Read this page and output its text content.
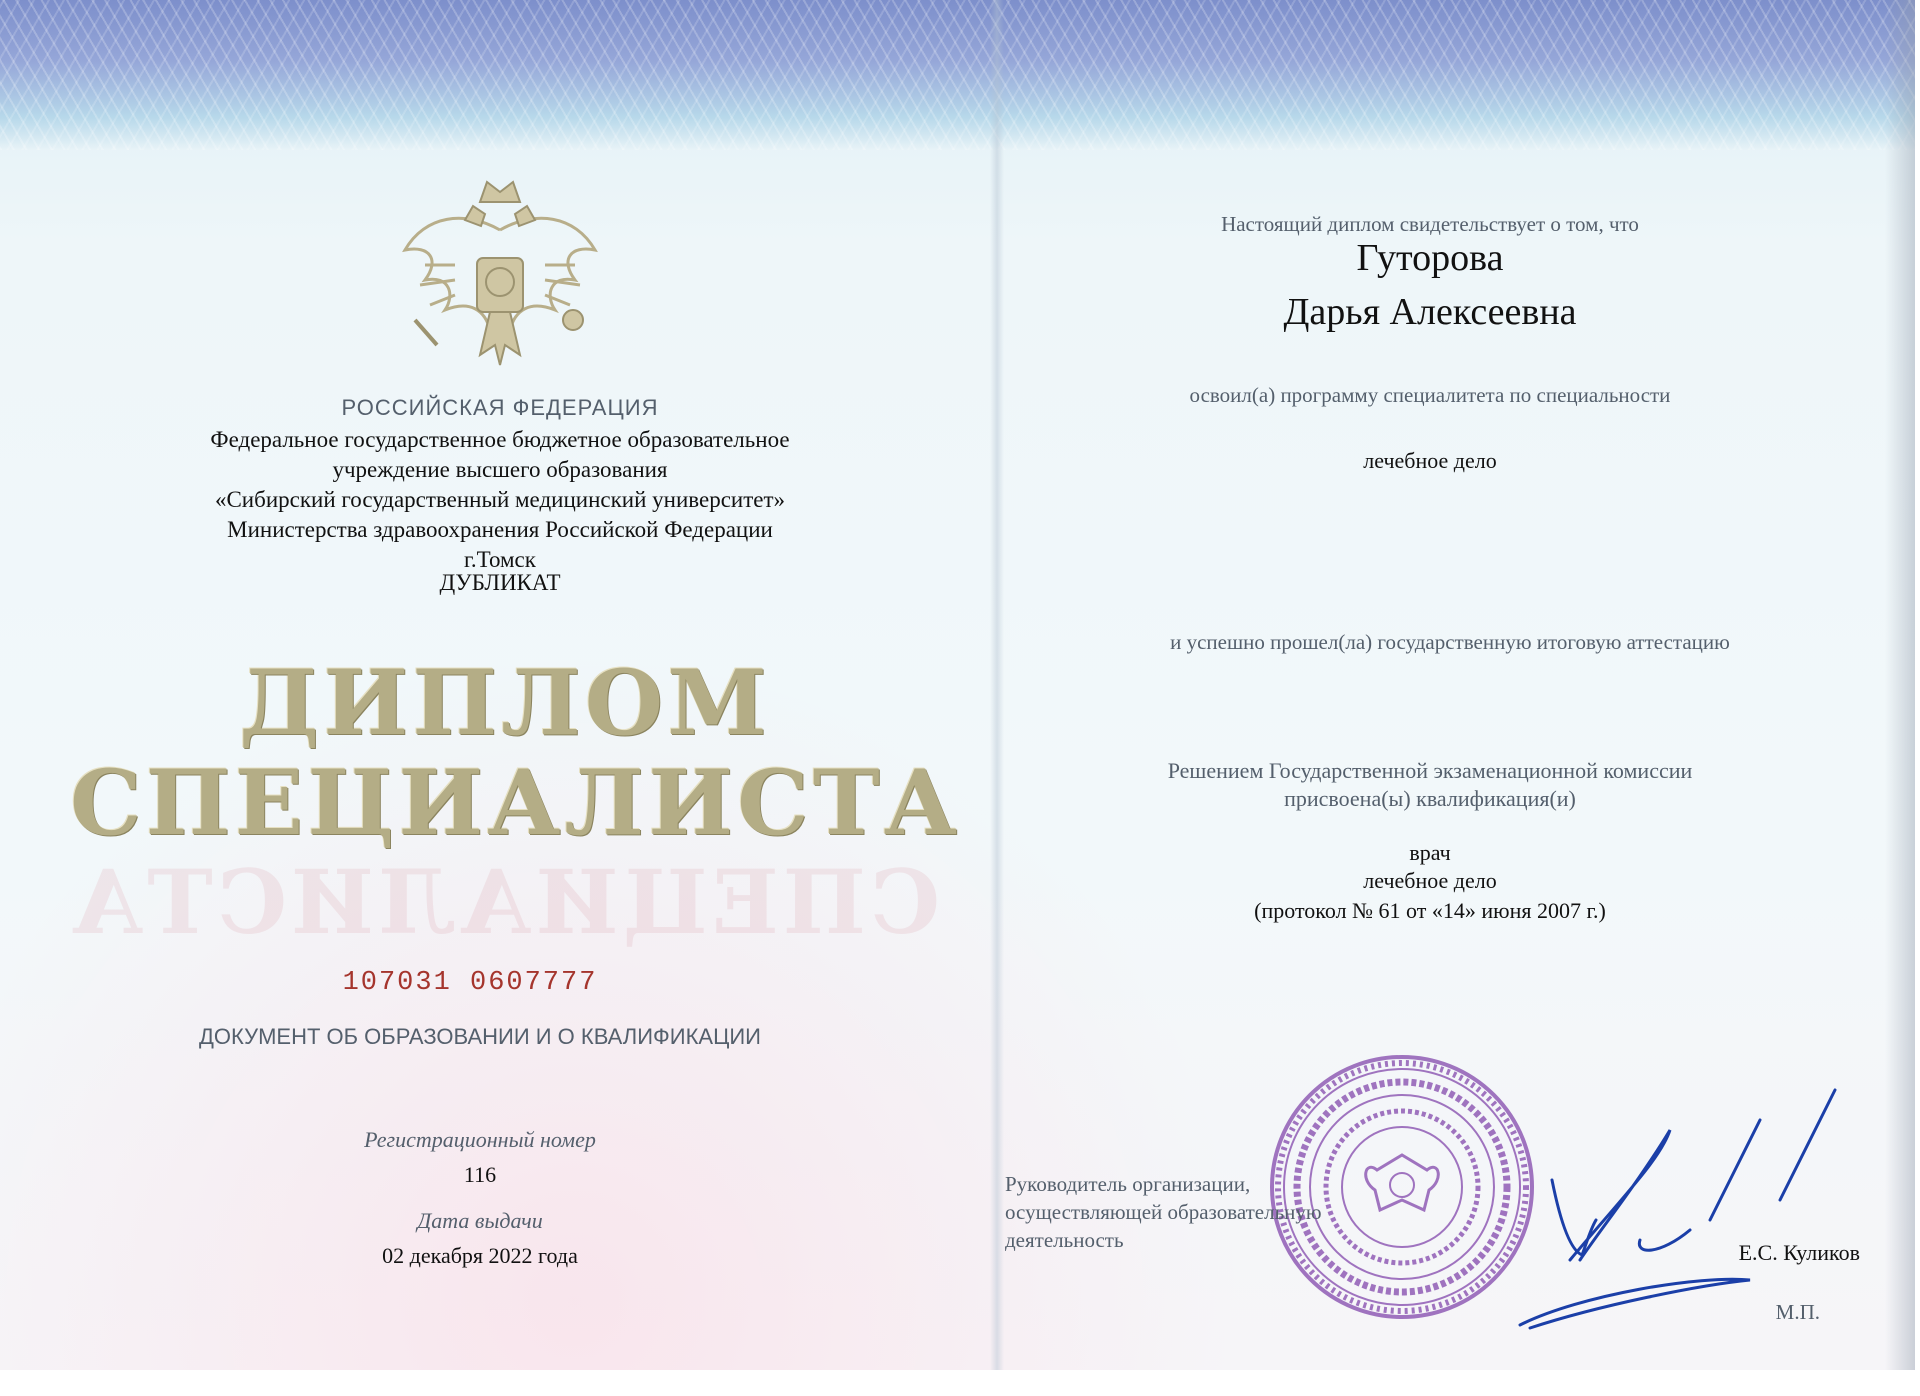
РОССИЙСКАЯ ФЕДЕРАЦИЯ
Федеральное государственное бюджетное образовательное
учреждение высшего образования
«Сибирский государственный медицинский университет»
Министерства здравоохранения Российской Федерации
г.Томск
ДУБЛИКАТ
ДИПЛОМ
СПЕЦИАЛИСТА
СПЕЦИАЛИСТА
107031 0607777
ДОКУМЕНТ ОБ ОБРАЗОВАНИИ И О КВАЛИФИКАЦИИ
Регистрационный номер
116
Дата выдачи
02 декабря 2022 года
Настоящий диплом свидетельствует о том, что
Гуторова
Дарья Алексеевна
освоил(а) программу специалитета по специальности
лечебное дело
и успешно прошел(ла) государственную итоговую аттестацию
Решением Государственной экзаменационной комиссии
присвоена(ы) квалификация(и)
врач
лечебное дело
(протокол № 61 от «14» июня 2007 г.)
Руководитель организации,
осуществляющей образовательную
деятельность	Е.С. Куликов
М.П.
